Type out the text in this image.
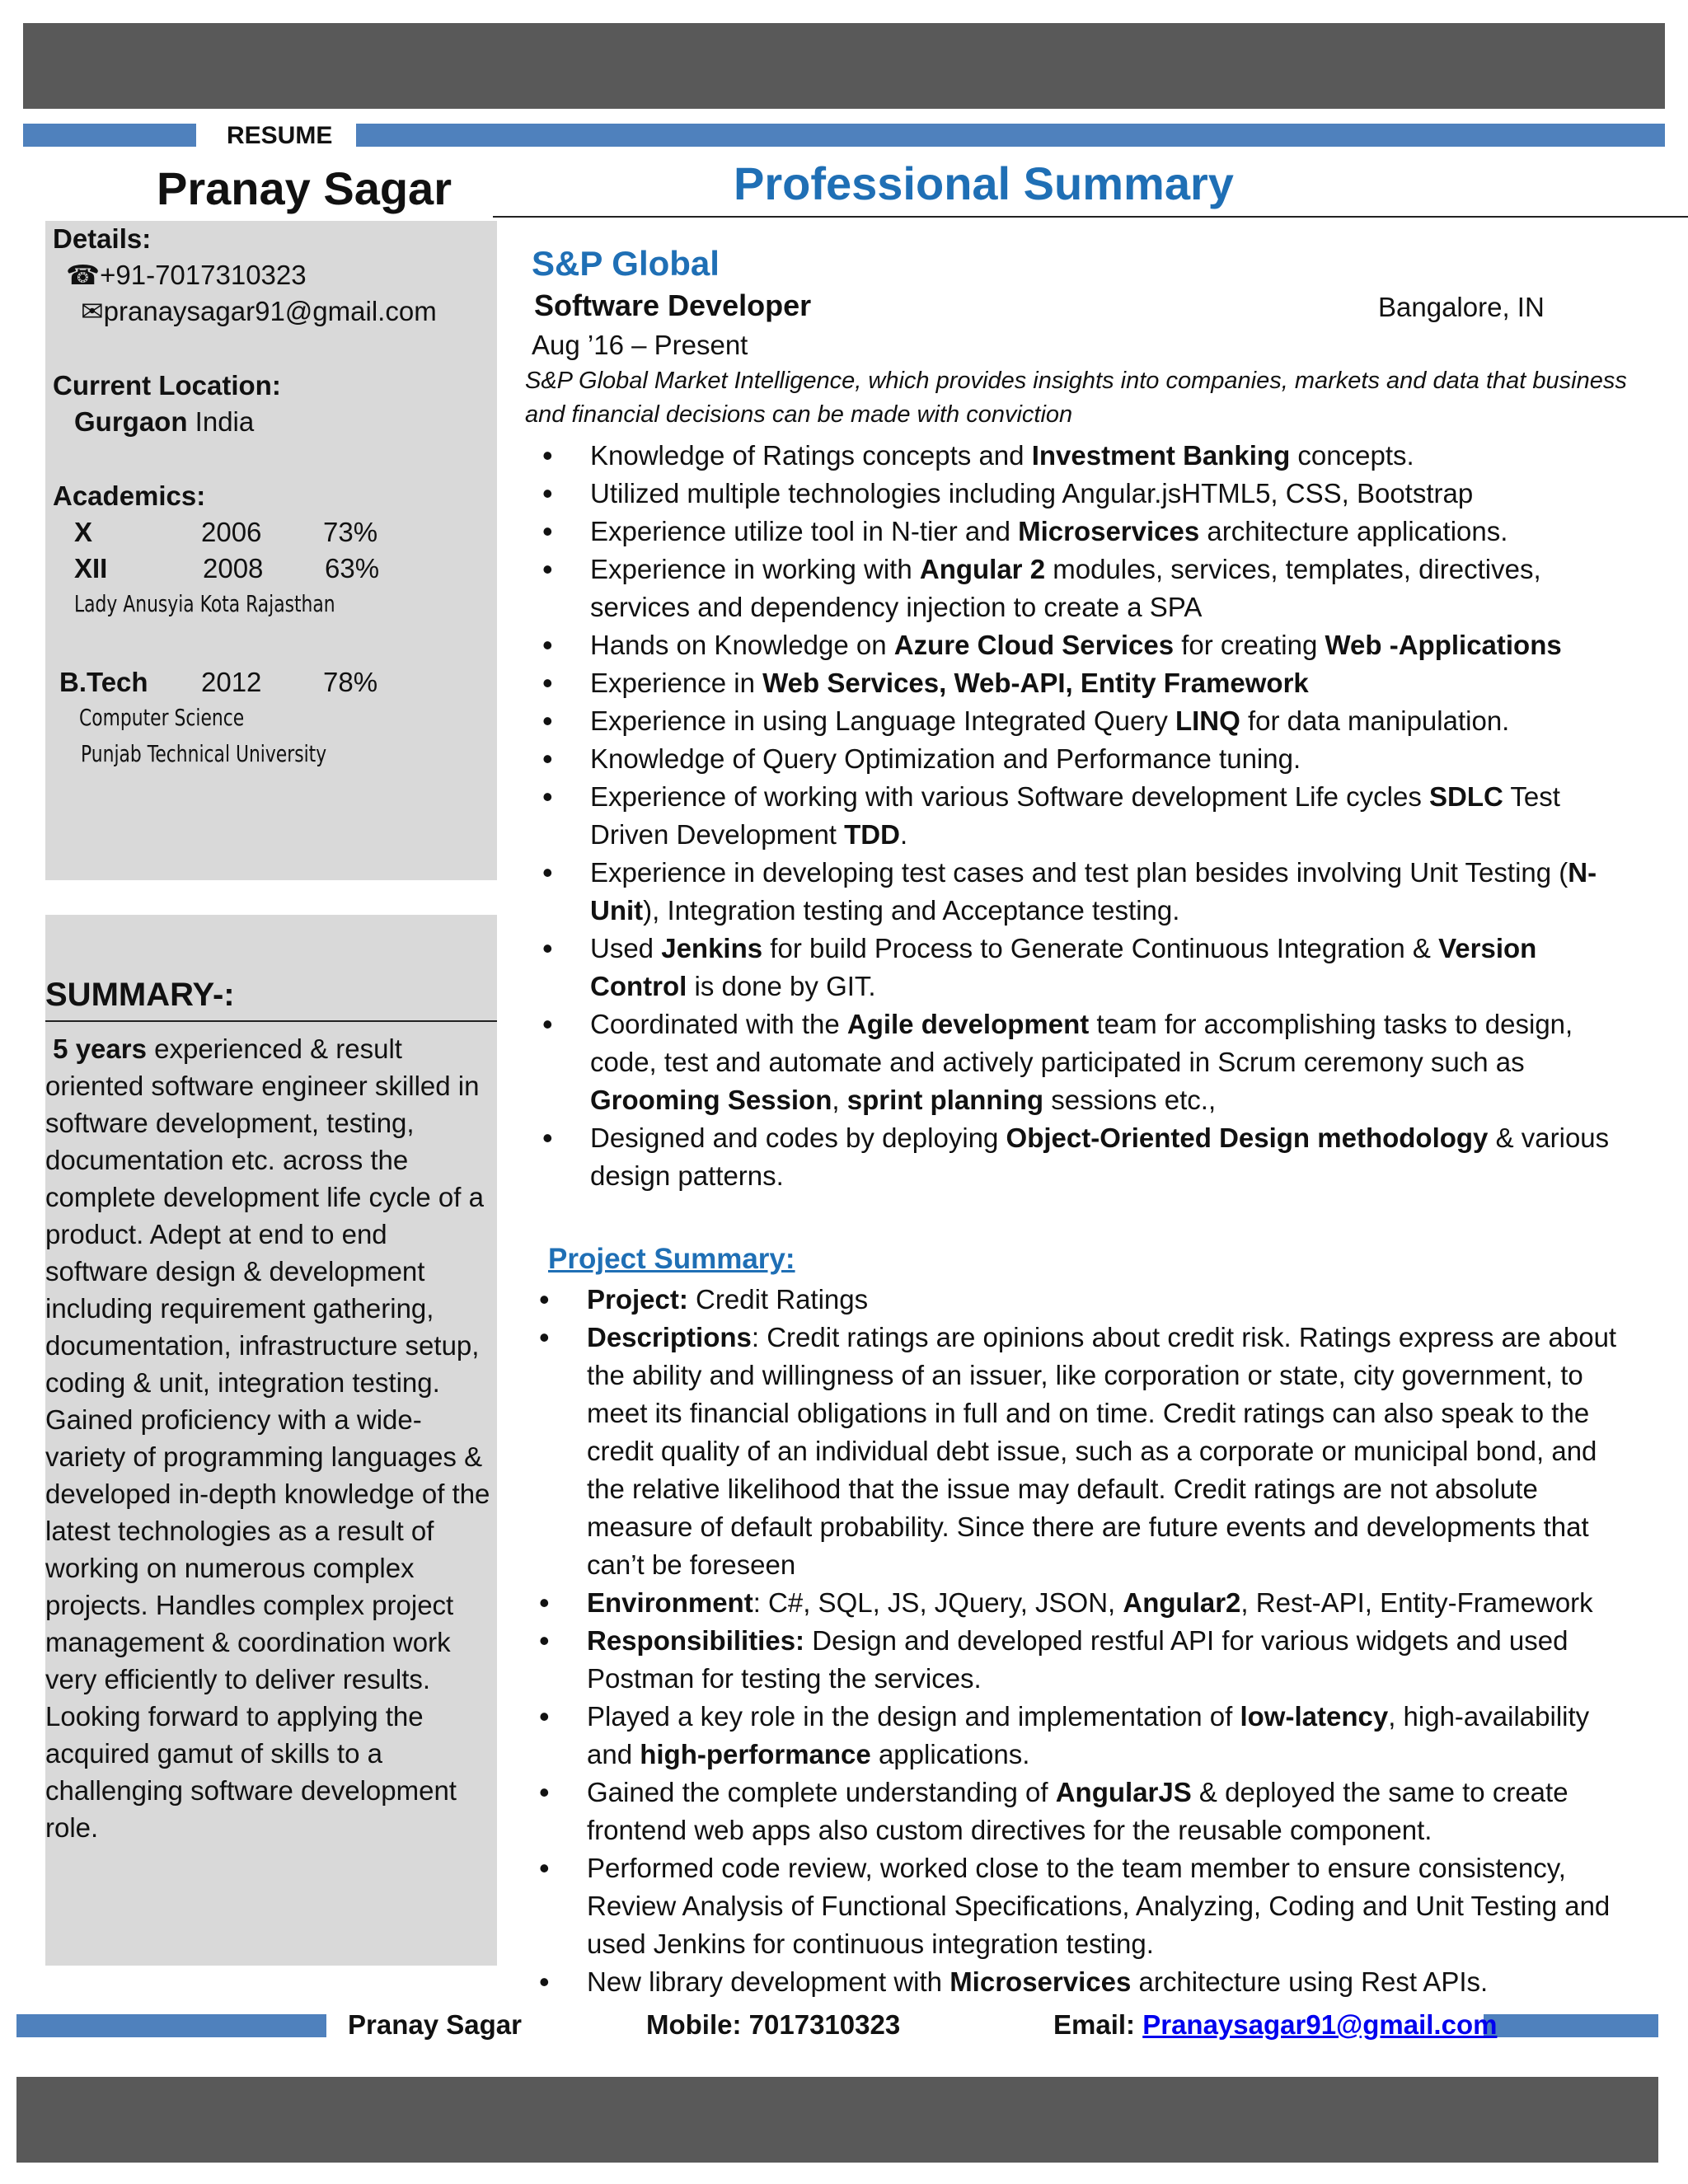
RESUME
Pranay Sagar	Professional Summary
Details:
☎+91-7017310323
✉pranaysagar91@gmail.com
Current Location:
Gurgaon India
Academics:
X	2006 73%
XII	2008 63%
Lady Anusyia Kota Rajasthan
B.Tech 2012 78%
Computer Science
Punjab Technical University
SUMMARY-:
5 years experienced & result oriented software engineer skilled in software development, testing, documentation etc. across the complete development life cycle of a product. Adept at end to end software design & development including requirement gathering, documentation, infrastructure setup, coding & unit, integration testing. Gained proficiency with a wide-variety of programming languages & developed in-depth knowledge of the latest technologies as a result of working on numerous complex projects. Handles complex project management & coordination work very efficiently to deliver results. Looking forward to applying the acquired gamut of skills to a challenging software development role.
S&P Global
Software Developer	Bangalore, IN
Aug ’16 – Present
S&P Global Market Intelligence, which provides insights into companies, markets and data that business and financial decisions can be made with conviction
• Knowledge of Ratings concepts and Investment Banking concepts.
• Utilized multiple technologies including Angular.jsHTML5, CSS, Bootstrap
• Experience utilize tool in N-tier and Microservices architecture applications.
• Experience in working with Angular 2 modules, services, templates, directives, services and dependency injection to create a SPA
• Hands on Knowledge on Azure Cloud Services for creating Web -Applications
• Experience in Web Services, Web-API, Entity Framework
• Experience in using Language Integrated Query LINQ for data manipulation.
• Knowledge of Query Optimization and Performance tuning.
• Experience of working with various Software development Life cycles SDLC Test Driven Development TDD.
• Experience in developing test cases and test plan besides involving Unit Testing (N-Unit), Integration testing and Acceptance testing.
• Used Jenkins for build Process to Generate Continuous Integration & Version Control is done by GIT.
• Coordinated with the Agile development team for accomplishing tasks to design, code, test and automate and actively participated in Scrum ceremony such as Grooming Session, sprint planning sessions etc.,
• Designed and codes by deploying Object-Oriented Design methodology & various design patterns.
Project Summary:
• Project: Credit Ratings
• Descriptions: Credit ratings are opinions about credit risk. Ratings express are about the ability and willingness of an issuer, like corporation or state, city government, to meet its financial obligations in full and on time. Credit ratings can also speak to the credit quality of an individual debt issue, such as a corporate or municipal bond, and the relative likelihood that the issue may default. Credit ratings are not absolute measure of default probability. Since there are future events and developments that can’t be foreseen
• Environment: C#, SQL, JS, JQuery, JSON, Angular2, Rest-API, Entity-Framework
• Responsibilities: Design and developed restful API for various widgets and used Postman for testing the services.
• Played a key role in the design and implementation of low-latency, high-availability and high-performance applications.
• Gained the complete understanding of AngularJS & deployed the same to create frontend web apps also custom directives for the reusable component.
• Performed code review, worked close to the team member to ensure consistency, Review Analysis of Functional Specifications, Analyzing, Coding and Unit Testing and used Jenkins for continuous integration testing.
• New library development with Microservices architecture using Rest APIs.
Pranay Sagar	Mobile: 7017310323	Email: Pranaysagar91@gmail.com
